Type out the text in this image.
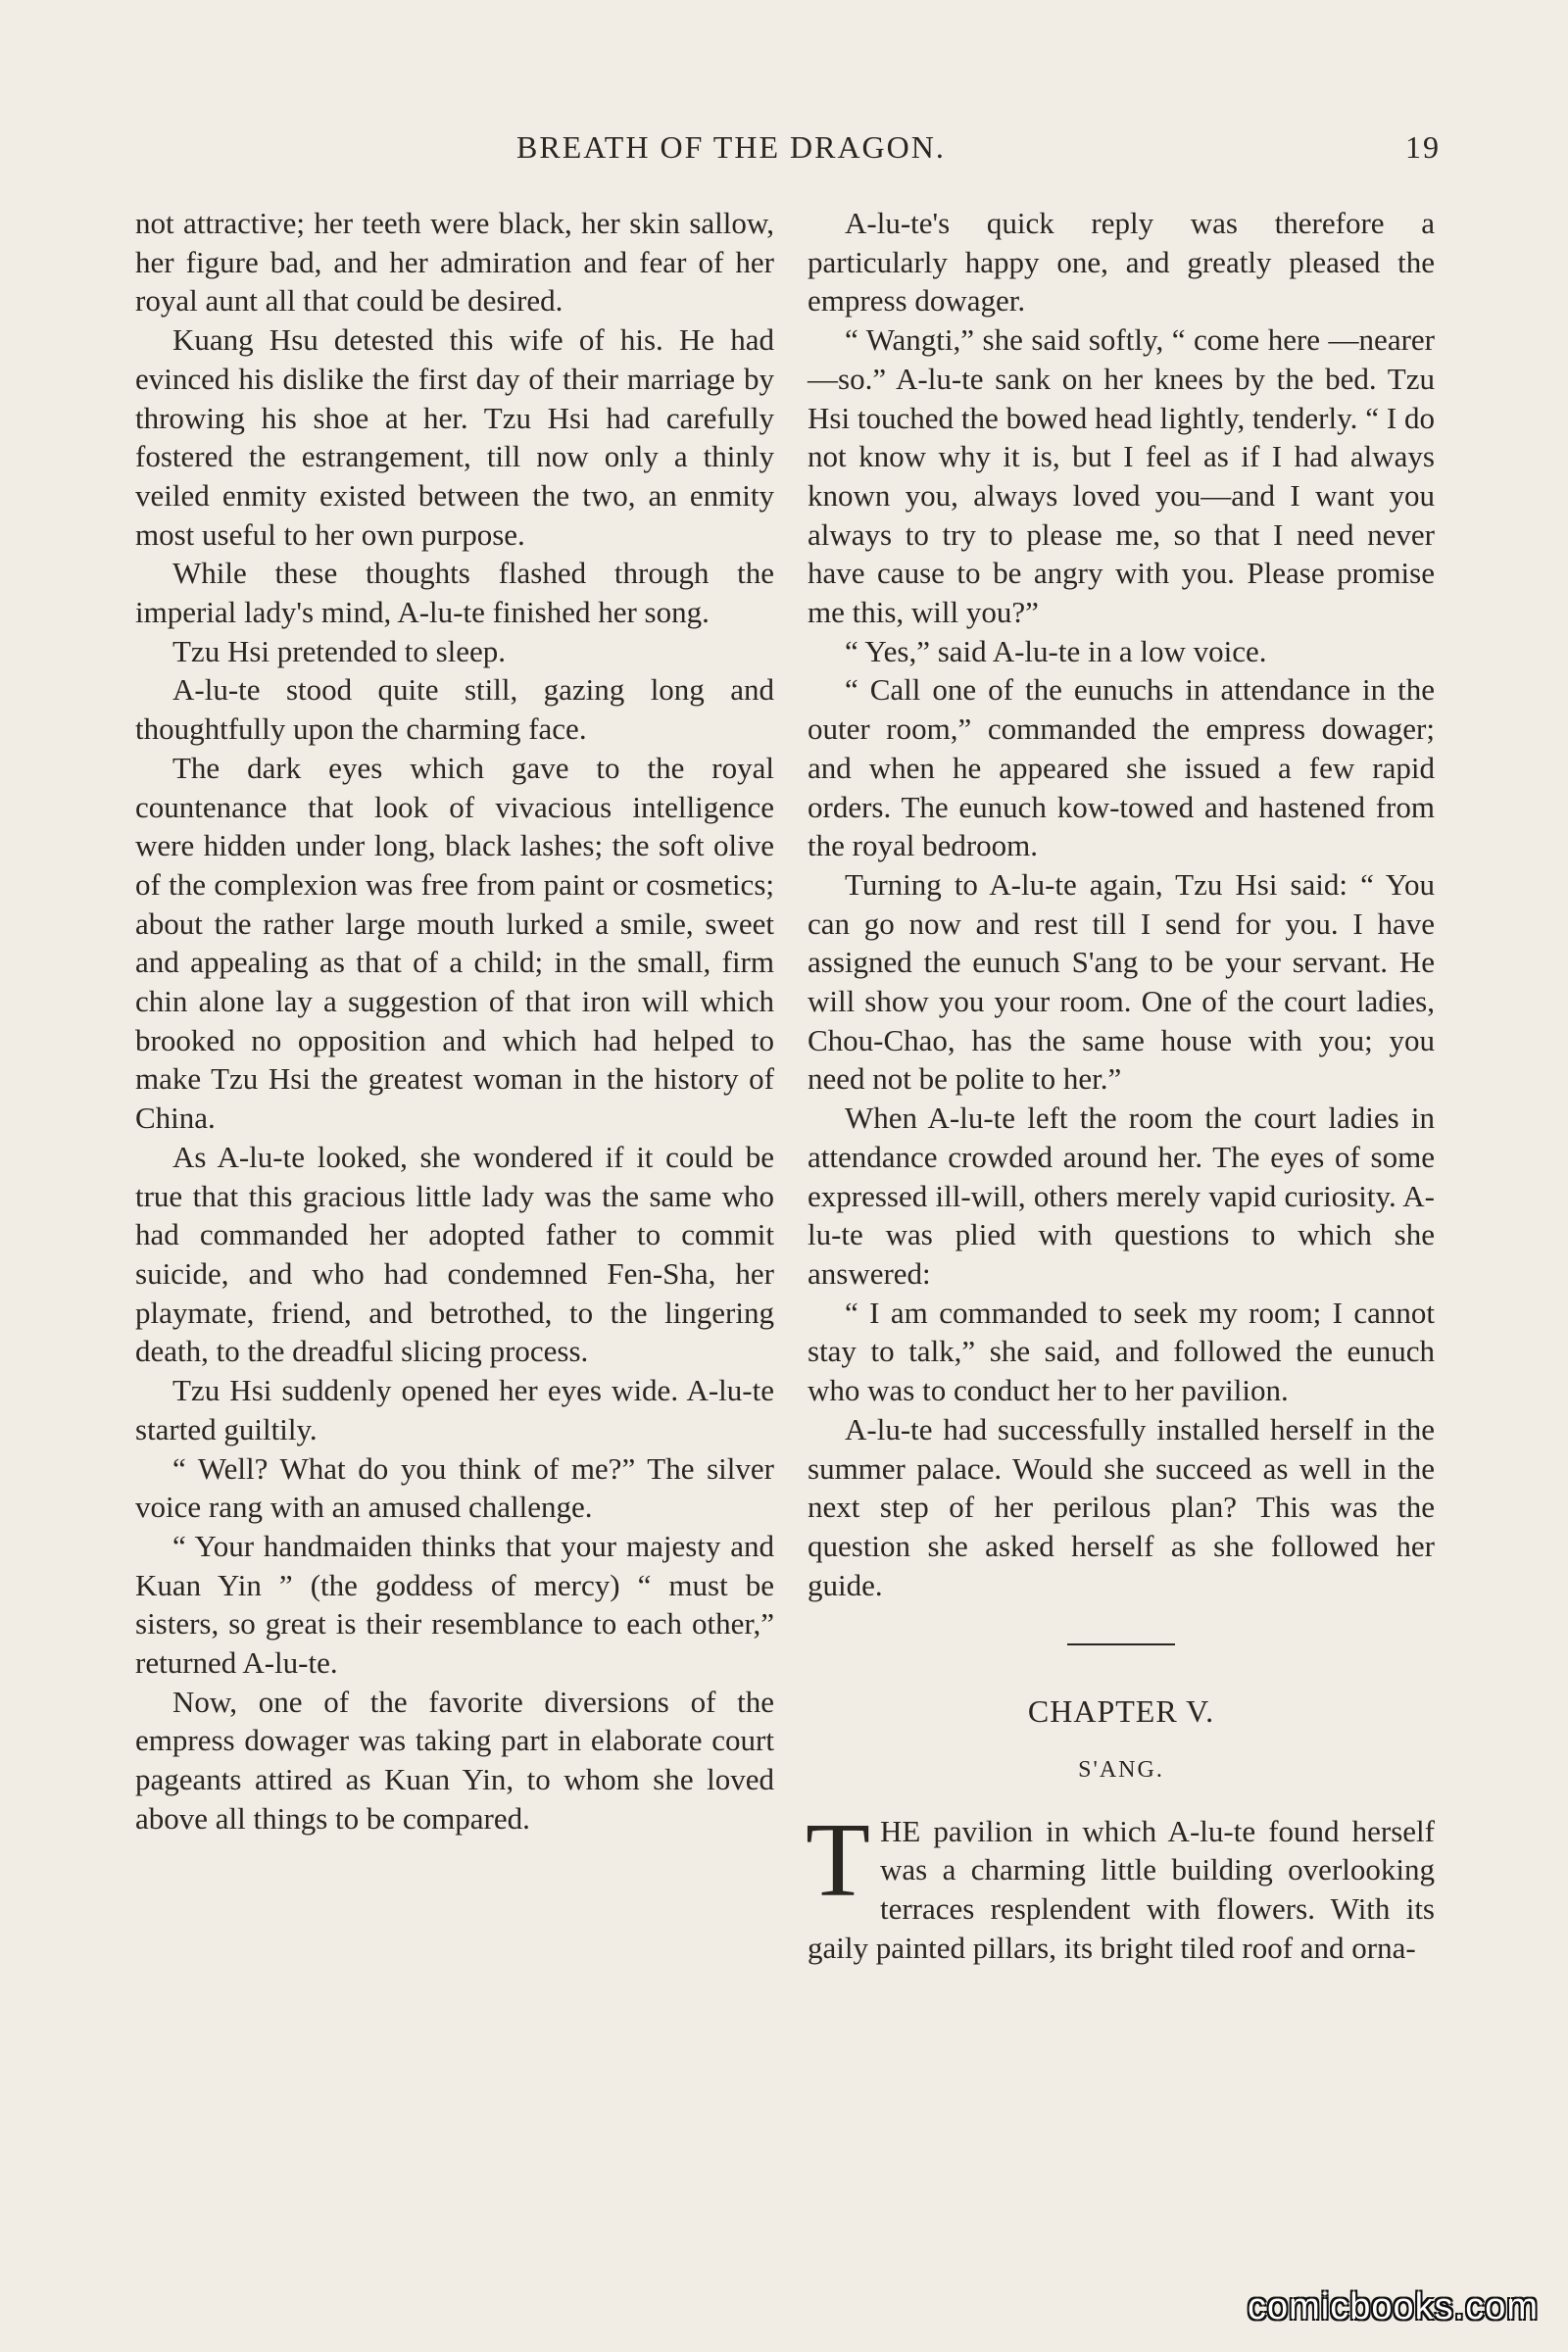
BREATH OF THE DRAGON.	19

not attractive; her teeth were black, her skin sallow, her figure bad, and her admiration and fear of her royal aunt all that could be desired.

Kuang Hsu detested this wife of his. He had evinced his dislike the first day of their marriage by throwing his shoe at her. Tzu Hsi had carefully fostered the estrangement, till now only a thinly veiled enmity existed between the two, an enmity most useful to her own purpose.

While these thoughts flashed through the imperial lady's mind, A-lu-te finished her song.

Tzu Hsi pretended to sleep.

A-lu-te stood quite still, gazing long and thoughtfully upon the charming face.

The dark eyes which gave to the royal countenance that look of vivacious intelligence were hidden under long, black lashes; the soft olive of the complexion was free from paint or cosmetics; about the rather large mouth lurked a smile, sweet and appealing as that of a child; in the small, firm chin alone lay a suggestion of that iron will which brooked no opposition and which had helped to make Tzu Hsi the greatest woman in the history of China.

As A-lu-te looked, she wondered if it could be true that this gracious little lady was the same who had commanded her adopted father to commit suicide, and who had condemned Fen-Sha, her playmate, friend, and betrothed, to the lingering death, to the dreadful slicing process.

Tzu Hsi suddenly opened her eyes wide. A-lu-te started guiltily.

“ Well? What do you think of me?” The silver voice rang with an amused challenge.

“ Your handmaiden thinks that your majesty and Kuan Yin ” (the goddess of mercy) “ must be sisters, so great is their resemblance to each other,” returned A-lu-te.

Now, one of the favorite diversions of the empress dowager was taking part in elaborate court pageants attired as Kuan Yin, to whom she loved above all things to be compared.

A-lu-te's quick reply was therefore a particularly happy one, and greatly pleased the empress dowager.

“ Wangti,” she said softly, “ come here —nearer—so.” A-lu-te sank on her knees by the bed. Tzu Hsi touched the bowed head lightly, tenderly. “ I do not know why it is, but I feel as if I had always known you, always loved you—and I want you always to try to please me, so that I need never have cause to be angry with you. Please promise me this, will you?”

“ Yes,” said A-lu-te in a low voice.

“ Call one of the eunuchs in attendance in the outer room,” commanded the empress dowager; and when he appeared she issued a few rapid orders. The eunuch kow-towed and hastened from the royal bedroom.

Turning to A-lu-te again, Tzu Hsi said: “ You can go now and rest till I send for you. I have assigned the eunuch S'ang to be your servant. He will show you your room. One of the court ladies, Chou-Chao, has the same house with you; you need not be polite to her.”

When A-lu-te left the room the court ladies in attendance crowded around her. The eyes of some expressed ill-will, others merely vapid curiosity. A-lu-te was plied with questions to which she answered:

“ I am commanded to seek my room; I cannot stay to talk,” she said, and followed the eunuch who was to conduct her to her pavilion.

A-lu-te had successfully installed herself in the summer palace. Would she succeed as well in the next step of her perilous plan? This was the question she asked herself as she followed her guide.

CHAPTER V.
S'ANG.

THE pavilion in which A-lu-te found herself was a charming little building overlooking terraces resplendent with flowers. With its gaily painted pillars, its bright tiled roof and orna-

comicbooks.com
